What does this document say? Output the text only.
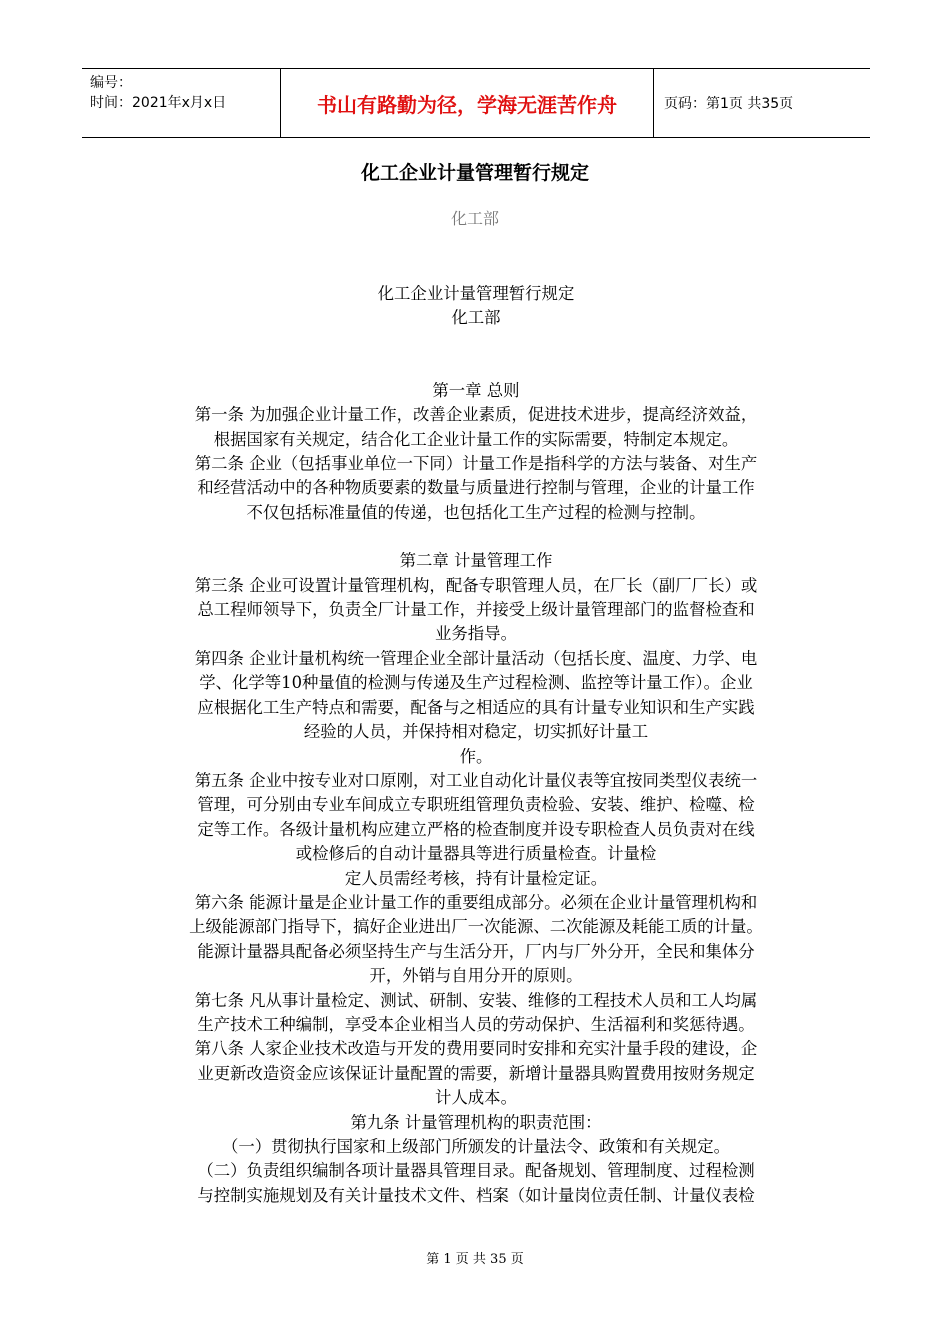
编号：
时间：2021年x月x日	书山有路勤为径，学海无涯苦作舟	页码：第1页 共35页
化工企业计量管理暂行规定
化工部

化工企业计量管理暂行规定

化工部

第一章 总则

第一条 为加强企业计量工作，改善企业素质，促进技术进步，提高经济效益，

根据国家有关规定，结合化工企业计量工作的实际需要，特制定本规定。

第二条 企业（包括事业单位一下同）计量工作是指科学的方法与装备、对生产

和经营活动中的各种物质要素的数量与质量进行控制与管理，企业的计量工作

不仅包括标准量值的传递，也包括化工生产过程的检测与控制。

第二章 计量管理工作

第三条 企业可设置计量管理机构，配备专职管理人员，在厂长（副厂厂长）或

总工程师领导下，负责全厂计量工作，并接受上级计量管理部门的监督检查和

业务指导。

第四条 企业计量机构统一管理企业全部计量活动（包括长度、温度、力学、电

学、化学等10种量值的检测与传递及生产过程检测、监控等计量工作）。企业

应根据化工生产特点和需要，配备与之相适应的具有计量专业知识和生产实践

经验的人员，并保持相对稳定，切实抓好计量工

作。

第五条 企业中按专业对口原刚，对工业自动化计量仪表等宜按同类型仪表统一

管理，可分别由专业车间成立专职班组管理负责检验、安装、维护、检噬、检

定等工作。各级计量机构应建立严格的检查制度并设专职检查人员负责对在线

或检修后的自动计量器具等进行质量检查。计量检

定人员需经考核，持有计量检定证。

第六条 能源计量是企业计量工作的重要组成部分。必须在企业计量管理机构和

上级能源部门指导下，搞好企业进出厂一次能源、二次能源及耗能工质的计量。

能源计量器具配备必须坚持生产与生活分开，厂内与厂外分开，全民和集体分

开，外销与自用分开的原则。

第七条 凡从事计量检定、测试、研制、安装、维修的工程技术人员和工人均属

生产技术工种编制，享受本企业相当人员的劳动保护、生活福利和奖惩待遇。

第八条 人家企业技术改造与开发的费用要同时安排和充实汁量手段的建设，企

业更新改造资金应该保证计量配置的需要，新增计量器具购置费用按财务规定

计人成本。

第九条 计量管理机构的职责范围：

（一）贯彻执行国家和上级部门所颁发的计量法令、政策和有关规定。

（二）负责组织编制各项计量器具管理目录。配备规划、管理制度、过程检测

与控制实施规划及有关计量技术文件、档案（如计量岗位责任制、计量仪表检

第 1 页 共 35 页
